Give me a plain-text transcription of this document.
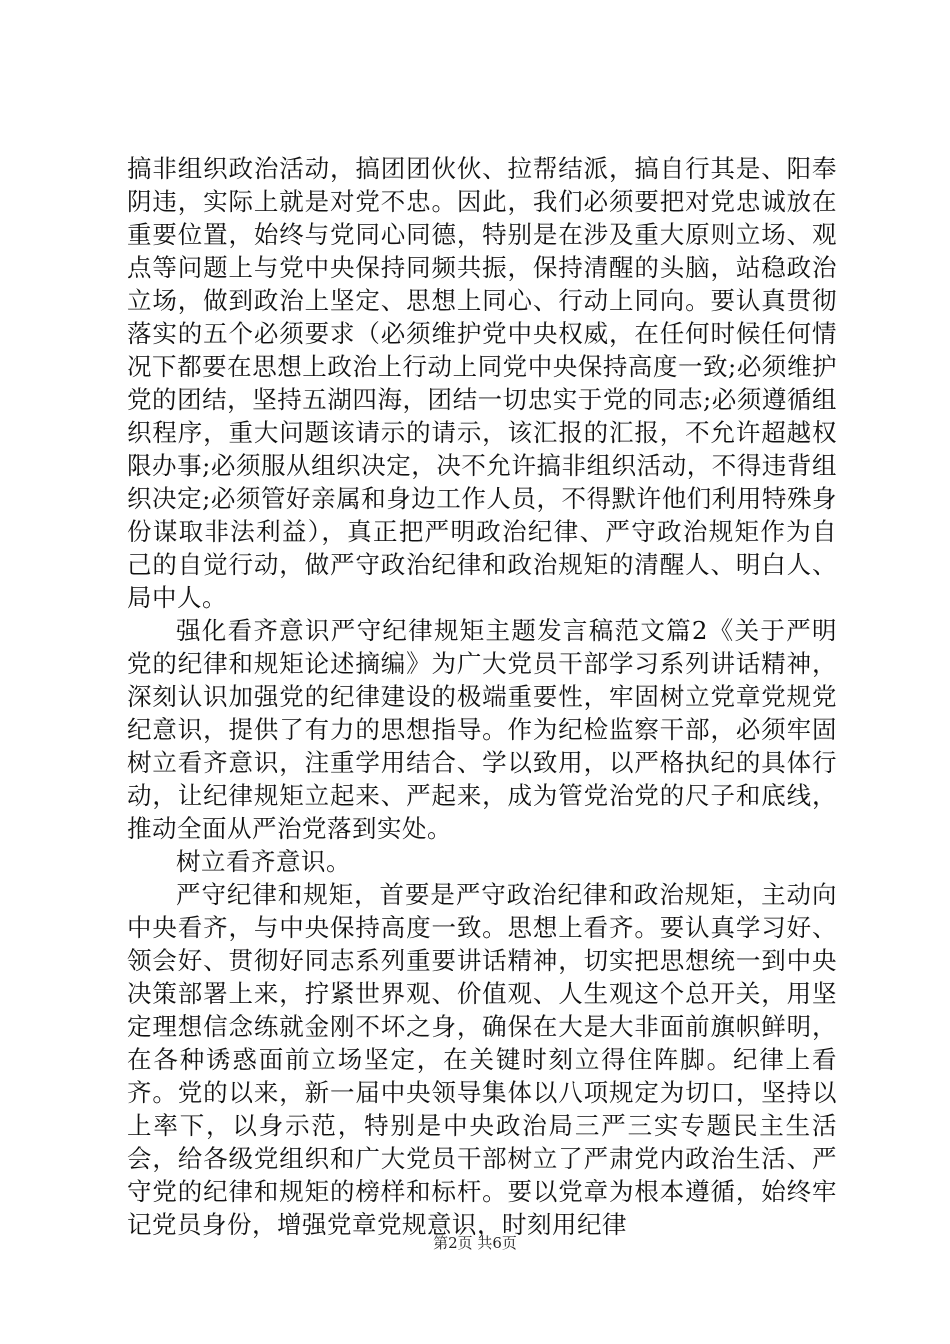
搞非组织政治活动，搞团团伙伙、拉帮结派，搞自行其是、阳奉阴违，实际上就是对党不忠。因此，我们必须要把对党忠诚放在重要位置，始终与党同心同德，特别是在涉及重大原则立场、观点等问题上与党中央保持同频共振，保持清醒的头脑，站稳政治立场，做到政治上坚定、思想上同心、行动上同向。要认真贯彻落实的五个必须要求（必须维护党中央权威，在任何时候任何情况下都要在思想上政治上行动上同党中央保持高度一致;必须维护党的团结，坚持五湖四海，团结一切忠实于党的同志;必须遵循组织程序，重大问题该请示的请示，该汇报的汇报，不允许超越权限办事;必须服从组织决定，决不允许搞非组织活动，不得违背组织决定;必须管好亲属和身边工作人员，不得默许他们利用特殊身份谋取非法利益），真正把严明政治纪律、严守政治规矩作为自己的自觉行动，做严守政治纪律和政治规矩的清醒人、明白人、局中人。

强化看齐意识严守纪律规矩主题发言稿范文篇2《关于严明党的纪律和规矩论述摘编》为广大党员干部学习系列讲话精神，深刻认识加强党的纪律建设的极端重要性，牢固树立党章党规党纪意识，提供了有力的思想指导。作为纪检监察干部，必须牢固树立看齐意识，注重学用结合、学以致用，以严格执纪的具体行动，让纪律规矩立起来、严起来，成为管党治党的尺子和底线，推动全面从严治党落到实处。

树立看齐意识。

严守纪律和规矩，首要是严守政治纪律和政治规矩，主动向中央看齐，与中央保持高度一致。思想上看齐。要认真学习好、领会好、贯彻好同志系列重要讲话精神，切实把思想统一到中央决策部署上来，拧紧世界观、价值观、人生观这个总开关，用坚定理想信念练就金刚不坏之身，确保在大是大非面前旗帜鲜明，在各种诱惑面前立场坚定，在关键时刻立得住阵脚。纪律上看齐。党的以来，新一届中央领导集体以八项规定为切口，坚持以上率下，以身示范，特别是中央政治局三严三实专题民主生活会，给各级党组织和广大党员干部树立了严肃党内政治生活、严守党的纪律和规矩的榜样和标杆。要以党章为根本遵循，始终牢记党员身份，增强党章党规意识，时刻用纪律

第2页 共6页
